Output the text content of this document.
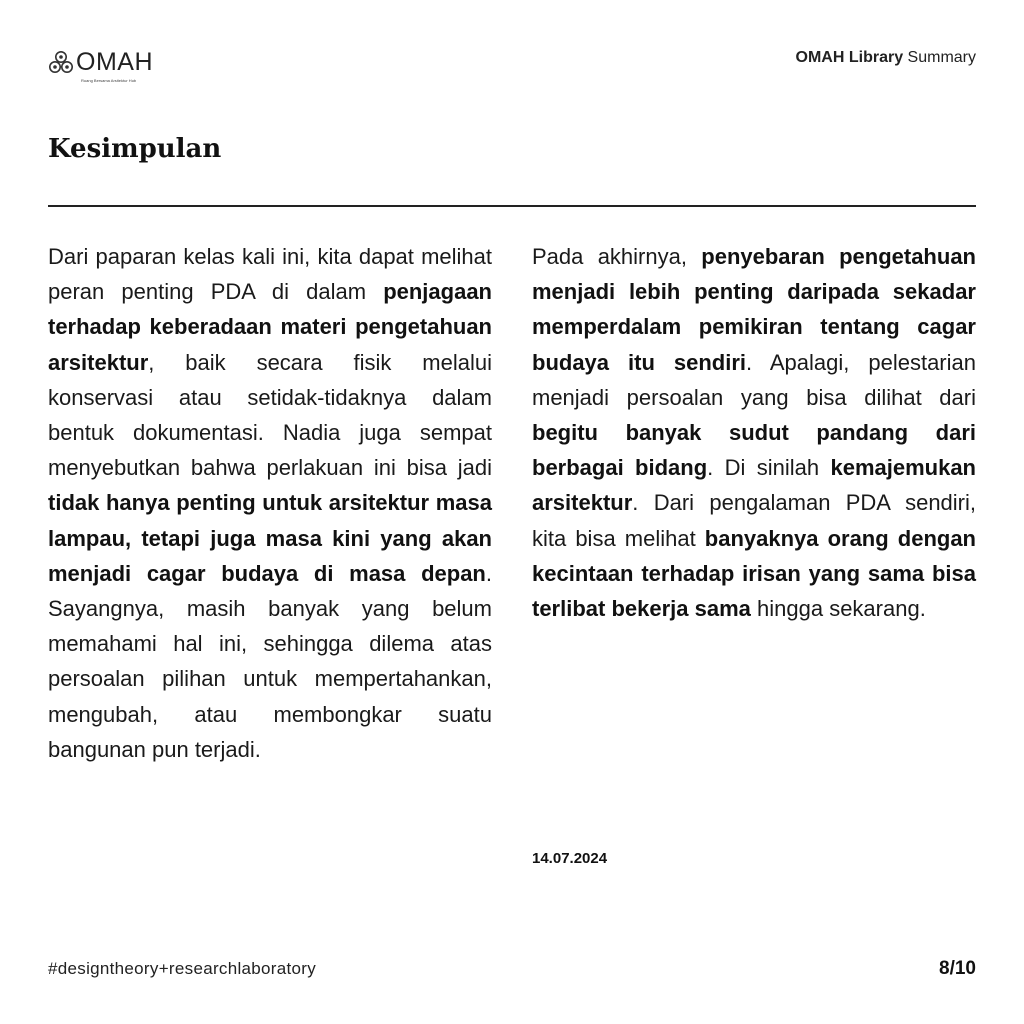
OMAH
Ruang Bersama Arsitektur Hub
OMAH Library Summary
Kesimpulan

Dari paparan kelas kali ini, kita dapat melihat peran penting PDA di dalam penjagaan terhadap keberadaan materi pengetahuan arsitektur, baik secara fisik melalui konservasi atau setidak-tidaknya dalam bentuk dokumentasi. Nadia juga sempat menyebutkan bahwa perlakuan ini bisa jadi tidak hanya penting untuk arsitektur masa lampau, tetapi juga masa kini yang akan menjadi cagar budaya di masa depan. Sayangnya, masih banyak yang belum memahami hal ini, sehingga dilema atas persoalan pilihan untuk mempertahankan, mengubah, atau membongkar suatu bangunan pun terjadi.

Pada akhirnya, penyebaran pengetahuan menjadi lebih penting daripada sekadar memperdalam pemikiran tentang cagar budaya itu sendiri. Apalagi, pelestarian menjadi persoalan yang bisa dilihat dari begitu banyak sudut pandang dari berbagai bidang. Di sinilah kemajemukan arsitektur. Dari pengalaman PDA sendiri, kita bisa melihat banyaknya orang dengan kecintaan terhadap irisan yang sama bisa terlibat bekerja sama hingga sekarang.

14.07.2024
#designtheory+researchlaboratory	8/10
